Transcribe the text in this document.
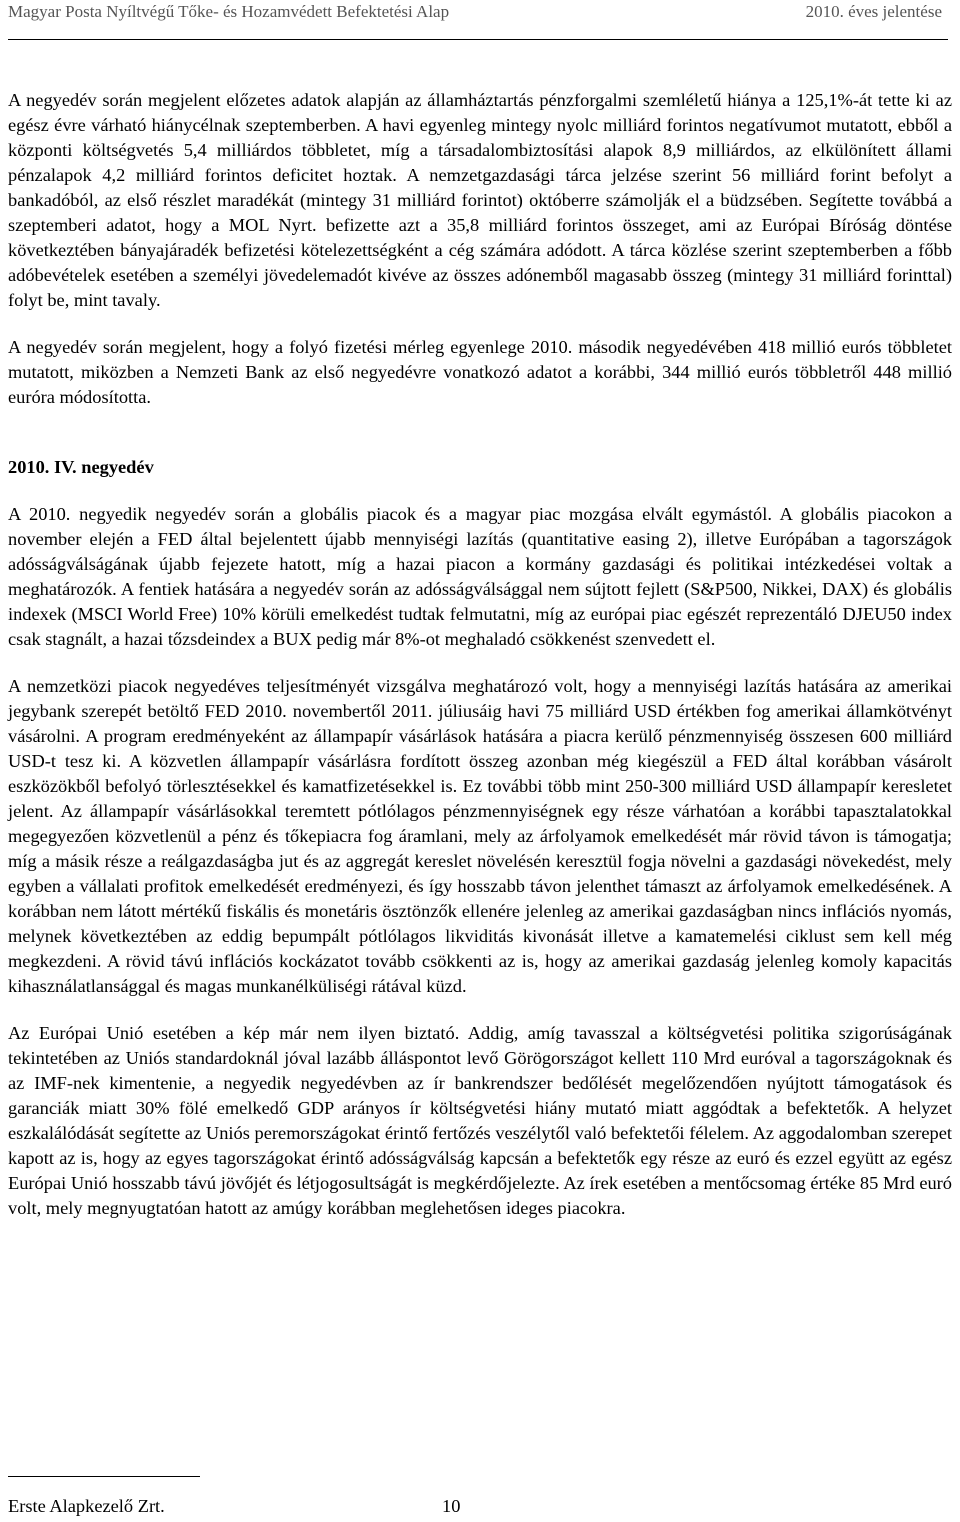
Magyar Posta Nyíltvégű Tőke- és Hozamvédett Befektetési Alap	2010. éves jelentése

A negyedév során megjelent előzetes adatok alapján az államháztartás pénzforgalmi szemléletű hiánya a 125,1%-át tette ki az egész évre várható hiánycélnak szeptemberben. A havi egyenleg mintegy nyolc milliárd forintos negatívumot mutatott, ebből a központi költségvetés 5,4 milliárdos többletet, míg a társadalombiztosítási alapok 8,9 milliárdos, az elkülönített állami pénzalapok 4,2 milliárd forintos deficitet hoztak. A nemzetgazdasági tárca jelzése szerint 56 milliárd forint befolyt a bankadóból, az első részlet maradékát (mintegy 31 milliárd forintot) októberre számolják el a büdzsében. Segítette továbbá a szeptemberi adatot, hogy a MOL Nyrt. befizette azt a 35,8 milliárd forintos összeget, ami az Európai Bíróság döntése következtében bányajáradék befizetési kötelezettségként a cég számára adódott. A tárca közlése szerint szeptemberben a főbb adóbevételek esetében a személyi jövedelemadót kivéve az összes adónemből magasabb összeg (mintegy 31 milliárd forinttal) folyt be, mint tavaly.

A negyedév során megjelent, hogy a folyó fizetési mérleg egyenlege 2010. második negyedévében 418 millió eurós többletet mutatott, miközben a Nemzeti Bank az első negyedévre vonatkozó adatot a korábbi, 344 millió eurós többletről 448 millió euróra módosította.

2010. IV. negyedév

A 2010. negyedik negyedév során a globális piacok és a magyar piac mozgása elvált egymástól. A globális piacokon a november elején a FED által bejelentett újabb mennyiségi lazítás (quantitative easing 2), illetve Európában a tagországok adósságválságának újabb fejezete hatott, míg a hazai piacon a kormány gazdasági és politikai intézkedései voltak a meghatározók. A fentiek hatására a negyedév során az adósságválsággal nem sújtott fejlett (S&P500, Nikkei, DAX) és globális indexek (MSCI World Free) 10% körüli emelkedést tudtak felmutatni, míg az európai piac egészét reprezentáló DJEU50 index csak stagnált, a hazai tőzsdeindex a BUX pedig már 8%-ot meghaladó csökkenést szenvedett el.

A nemzetközi piacok negyedéves teljesítményét vizsgálva meghatározó volt, hogy a mennyiségi lazítás hatására az amerikai jegybank szerepét betöltő FED 2010. novembertől 2011. júliusáig havi 75 milliárd USD értékben fog amerikai államkötvényt vásárolni. A program eredményeként az állampapír vásárlások hatására a piacra kerülő pénzmennyiség összesen 600 milliárd USD-t tesz ki. A közvetlen állampapír vásárlásra fordított összeg azonban még kiegészül a FED által korábban vásárolt eszközökből befolyó törlesztésekkel és kamatfizetésekkel is. Ez további több mint 250-300 milliárd USD állampapír keresletet jelent. Az állampapír vásárlásokkal teremtett pótlólagos pénzmennyiségnek egy része várhatóan a korábbi tapasztalatokkal megegyezően közvetlenül a pénz és tőkepiacra fog áramlani, mely az árfolyamok emelkedését már rövid távon is támogatja; míg a másik része a reálgazdaságba jut és az aggregát kereslet növelésén keresztül fogja növelni a gazdasági növekedést, mely egyben a vállalati profitok emelkedését eredményezi, és így hosszabb távon jelenthet támaszt az árfolyamok emelkedésének. A korábban nem látott mértékű fiskális és monetáris ösztönzők ellenére jelenleg az amerikai gazdaságban nincs inflációs nyomás, melynek következtében az eddig bepumpált pótlólagos likviditás kivonását illetve a kamatemelési ciklust sem kell még megkezdeni. A rövid távú inflációs kockázatot tovább csökkenti az is, hogy az amerikai gazdaság jelenleg komoly kapacitás kihasználatlansággal és magas munkanélküliségi rátával küzd.

Az Európai Unió esetében a kép már nem ilyen biztató. Addig, amíg tavasszal a költségvetési politika szigorúságának tekintetében az Uniós standardoknál jóval lazább álláspontot levő Görögországot kellett 110 Mrd euróval a tagországoknak és az IMF-nek kimentenie, a negyedik negyedévben az ír bankrendszer bedőlését megelőzendően nyújtott támogatások és garanciák miatt 30% fölé emelkedő GDP arányos ír költségvetési hiány mutató miatt aggódtak a befektetők. A helyzet eszkalálódását segítette az Uniós peremországokat érintő fertőzés veszélytől való befektetői félelem. Az aggodalomban szerepet kapott az is, hogy az egyes tagországokat érintő adósságválság kapcsán a befektetők egy része az euró és ezzel együtt az egész Európai Unió hosszabb távú jövőjét és létjogosultságát is megkérdőjelezte. Az írek esetében a mentőcsomag értéke 85 Mrd euró volt, mely megnyugtatóan hatott az amúgy korábban meglehetősen ideges piacokra.

Erste Alapkezelő Zrt.	10
